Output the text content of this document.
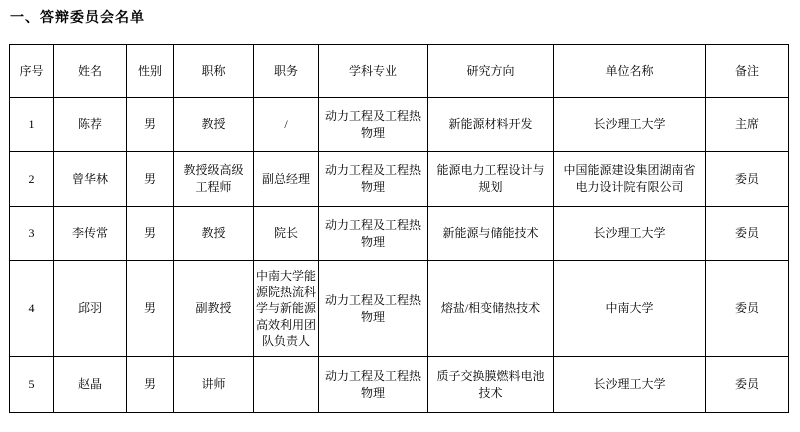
一、答辩委员会名单
序号	姓名	性别	职称	职务	学科专业	研究方向	单位名称	备注
1	陈荐	男	教授	/	动力工程及工程热物理	新能源材料开发	长沙理工大学	主席
2	曾华林	男	教授级高级工程师	副总经理	动力工程及工程热物理	能源电力工程设计与规划	中国能源建设集团湖南省电力设计院有限公司	委员
3	李传常	男	教授	院长	动力工程及工程热物理	新能源与储能技术	长沙理工大学	委员
4	邱羽	男	副教授	中南大学能源院热流科学与新能源高效利用团队负责人	动力工程及工程热物理	熔盐/相变储热技术	中南大学	委员
5	赵晶	男	讲师		动力工程及工程热物理	质子交换膜燃料电池技术	长沙理工大学	委员
